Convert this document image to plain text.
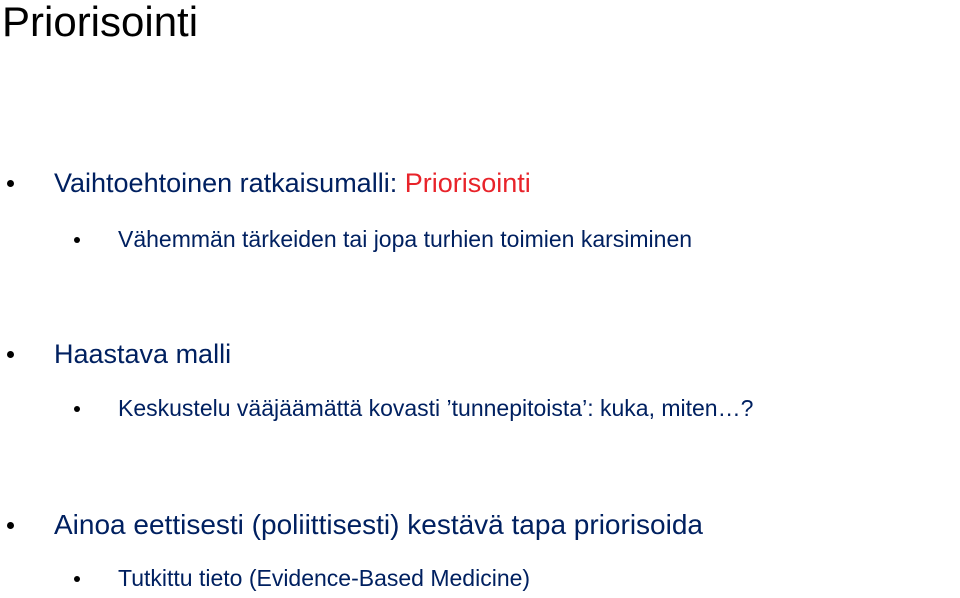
Priorisointi
Vaihtoehtoinen ratkaisumalli: Priorisointi
Vähemmän tärkeiden tai jopa turhien toimien karsiminen
Haastava malli
Keskustelu vääjäämättä kovasti ’tunnepitoista’: kuka, miten…?
Ainoa eettisesti (poliittisesti) kestävä tapa priorisoida
Tutkittu tieto (Evidence-Based Medicine)
